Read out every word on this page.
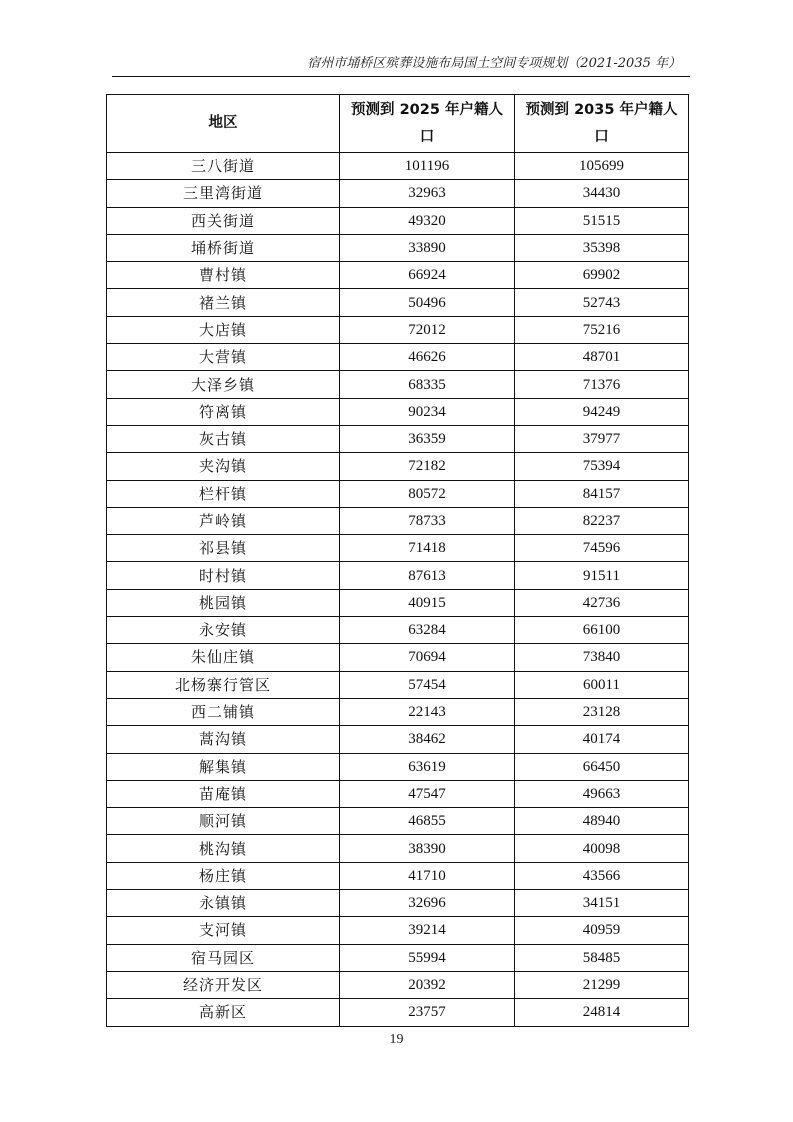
宿州市埇桥区殡葬设施布局国土空间专项规划（2021-2035 年）
地区	预测到 2025 年户籍人口	预测到 2035 年户籍人口
三八街道	101196	105699
三里湾街道	32963	34430
西关街道	49320	51515
埇桥街道	33890	35398
曹村镇	66924	69902
褚兰镇	50496	52743
大店镇	72012	75216
大营镇	46626	48701
大泽乡镇	68335	71376
符离镇	90234	94249
灰古镇	36359	37977
夹沟镇	72182	75394
栏杆镇	80572	84157
芦岭镇	78733	82237
祁县镇	71418	74596
时村镇	87613	91511
桃园镇	40915	42736
永安镇	63284	66100
朱仙庄镇	70694	73840
北杨寨行管区	57454	60011
西二铺镇	22143	23128
蒿沟镇	38462	40174
解集镇	63619	66450
苗庵镇	47547	49663
顺河镇	46855	48940
桃沟镇	38390	40098
杨庄镇	41710	43566
永镇镇	32696	34151
支河镇	39214	40959
宿马园区	55994	58485
经济开发区	20392	21299
高新区	23757	24814
19
